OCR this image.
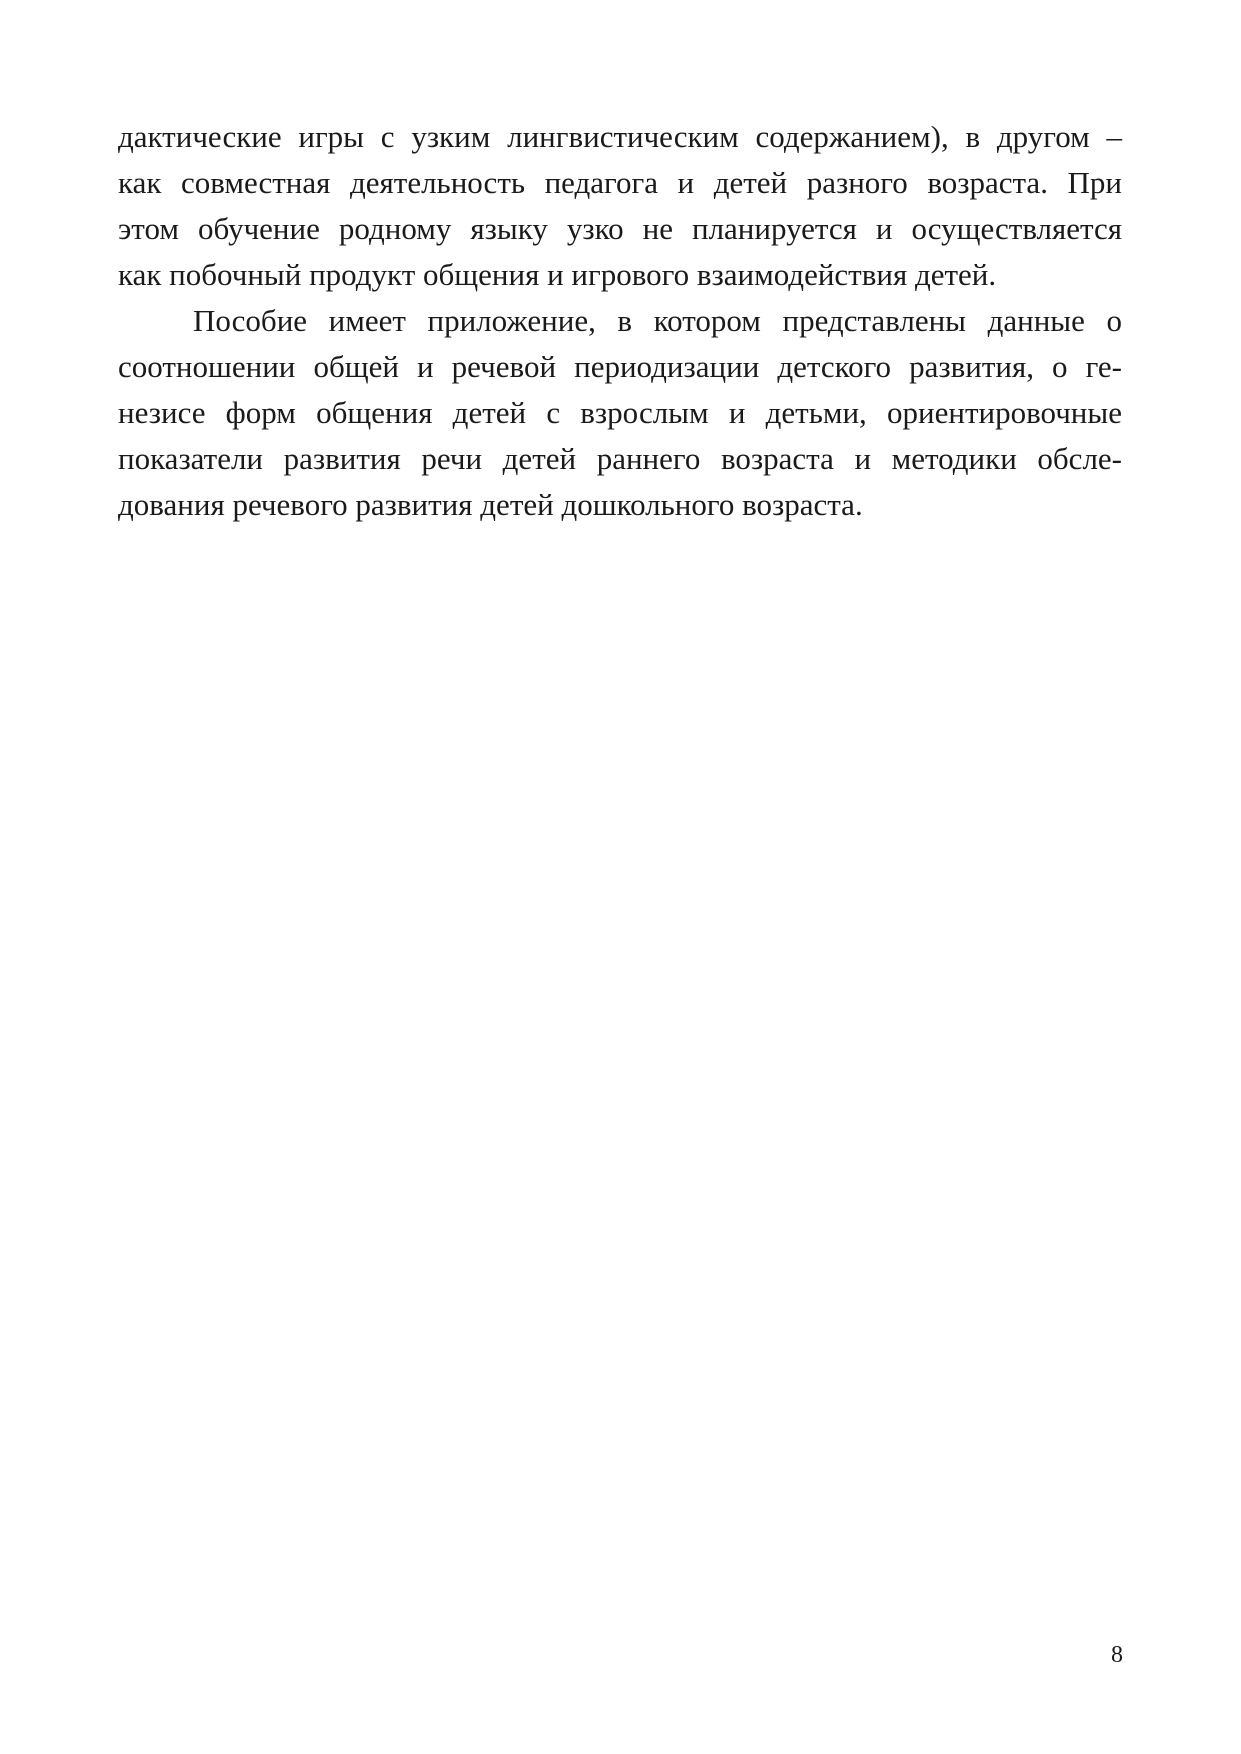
дактические игры с узким лингвистическим содержанием), в другом –
как совместная деятельность педагога и детей разного возраста. При
этом обучение родному языку узко не планируется и осуществляется
как побочный продукт общения и игрового взаимодействия детей.
Пособие имеет приложение, в котором представлены данные о
соотношении общей и речевой периодизации детского развития, о ге-
незисе форм общения детей с взрослым и детьми, ориентировочные
показатели развития речи детей раннего возраста и методики обсле-
дования речевого развития детей дошкольного возраста.
8
